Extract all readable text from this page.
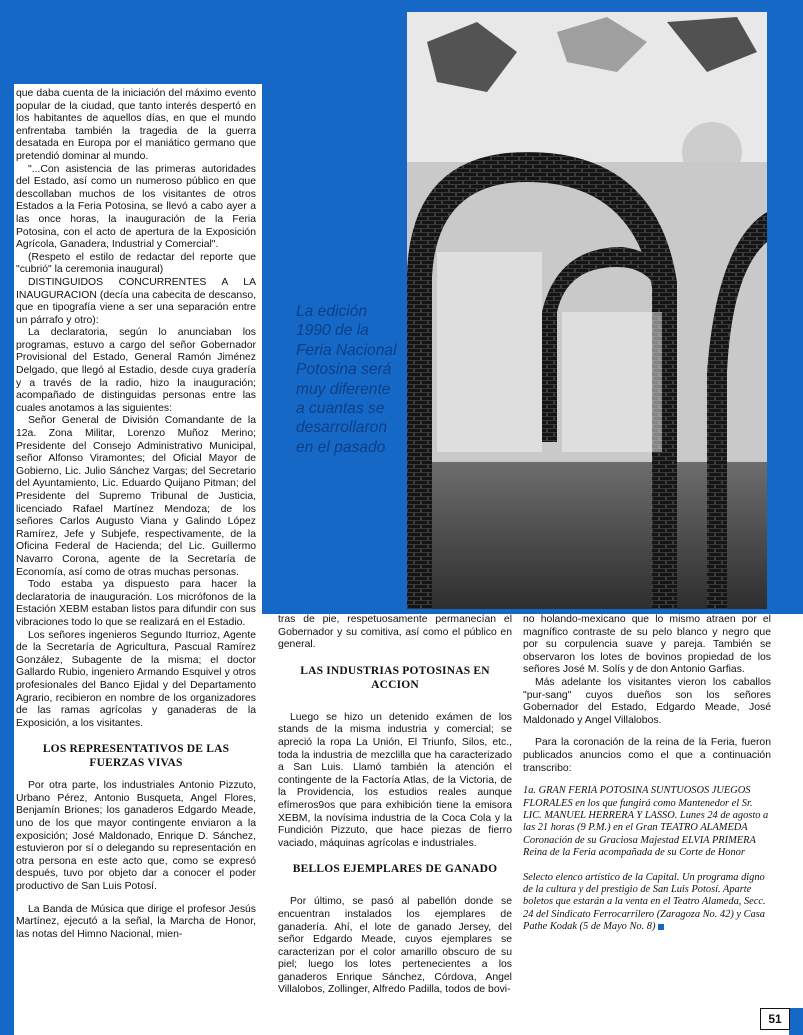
La edición 1990 de la Feria Nacional Potosina será muy diferente a cuantas se desarrollaron en el pasado

que daba cuenta de la iniciación del máximo evento popular de la ciudad, que tanto interés despertó en los habitantes de aquellos días, en que el mundo enfrentaba también la tragedia de la guerra desatada en Europa por el maniático germano que pretendió dominar al mundo.

"...Con asistencia de las primeras autoridades del Estado, así como un numeroso público en que descollaban muchos de los visitantes de otros Estados a la Feria Potosina, se llevó a cabo ayer a las once horas, la inauguración de la Feria Potosina, con el acto de apertura de la Exposición Agrícola, Ganadera, Industrial y Comercial".

(Respeto el estilo de redactar del reporte que "cubrió" la ceremonia inaugural)

DISTINGUIDOS CONCURRENTES A LA INAUGURACION (decía una cabecita de descanso, que en tipografía viene a ser una separación entre un párrafo y otro):

La declaratoria, según lo anunciaban los programas, estuvo a cargo del señor Gobernador Provisional del Estado, General Ramón Jiménez Delgado, que llegó al Estadio, desde cuya gradería y a través de la radio, hizo la inauguración; acompañado de distinguidas personas entre las cuales anotamos a las siguientes:

Señor General de División Comandante de la 12a. Zona Militar, Lorenzo Muñoz Merino; Presidente del Consejo Administrativo Municipal, señor Alfonso Viramontes; del Oficial Mayor de Gobierno, Lic. Julio Sánchez Vargas; del Secretario del Ayuntamiento, Lic. Eduardo Quijano Pitman; del Presidente del Supremo Tribunal de Justicia, licenciado Rafael Martínez Mendoza; de los señores Carlos Augusto Viana y Galindo López Ramírez, Jefe y Subjefe, respectivamente, de la Oficina Federal de Hacienda; del Lic. Guillermo Navarro Corona, agente de la Secretaría de Economía, así como de otras muchas personas.

Todo estaba ya dispuesto para hacer la declaratoria de inauguración. Los micrófonos de la Estación XEBM estaban listos para difundir con sus vibraciones todo lo que se realizará en el Estadio.

Los señores ingenieros Segundo Iturrioz, Agente de la Secretaría de Agricultura, Pascual Ramírez González, Subagente de la misma; el doctor Gallardo Rubio, ingeniero Armando Esquivel y otros profesionales del Banco Ejidal y del Departamento Agrario, recibieron en nombre de los organizadores de las ramas agrícolas y ganaderas de la Exposición, a los visitantes.

LOS REPRESENTATIVOS DE LAS FUERZAS VIVAS

Por otra parte, los industriales Antonio Pizzuto, Urbano Pérez, Antonio Busqueta, Angel Flores, Benjamín Briones; los ganaderos Edgardo Meade, uno de los que mayor contingente enviaron a la exposición; José Maldonado, Enrique D. Sánchez, estuvieron por sí o delegando su representación en otra persona en este acto que, como se expresó después, tuvo por objeto dar a conocer el poder productivo de San Luis Potosí.

La Banda de Música que dirige el profesor Jesús Martínez, ejecutó a la señal, la Marcha de Honor, las notas del Himno Nacional, mien-

tras de pie, respetuosamente permanecían el Gobernador y su comitiva, así como el público en general.

LAS INDUSTRIAS POTOSINAS EN ACCION

Luego se hizo un detenido exámen de los stands de la misma industria y comercial; se apreció la ropa La Unión, El Triunfo, Silos, etc., toda la industria de mezclilla que ha caracterizado a San Luis. Llamó también la atención el contingente de la Factoría Atlas, de la Victoria, de la Providencia, los estudios reales aunque efímeros9os que para exhibición tiene la emisora XEBM, la novísima industria de la Coca Cola y la Fundición Pizzuto, que hace piezas de fierro vaciado, máquinas agrícolas e industriales.

BELLOS EJEMPLARES DE GANADO

Por último, se pasó al pabellón donde se encuentran instalados los ejemplares de ganadería. Ahí, el lote de ganado Jersey, del señor Edgardo Meade, cuyos ejemplares se caracterizan por el color amarillo obscuro de su piel; luego los lotes pertenecientes a los ganaderos Enrique Sánchez, Córdova, Angel Villalobos, Zollinger, Alfredo Padilla, todos de bovi-

no holando-mexicano que lo mismo atraen por el magnífico contraste de su pelo blanco y negro que por su corpulencia suave y pareja. También se observaron los lotes de bovinos propiedad de los señores José M. Solís y de don Antonio Garfias.

Más adelante los visitantes vieron los caballos "pur-sang" cuyos dueños son los señores Gobernador del Estado, Edgardo Meade, José Maldonado y Angel Villalobos.

Para la coronación de la reina de la Feria, fueron publicados anuncios como el que a continuación transcribo:

1a. GRAN FERIA POTOSINA SUNTUOSOS JUEGOS FLORALES en los que fungirá como Mantenedor el Sr. LIC. MANUEL HERRERA Y LASSO. Lunes 24 de agosto a las 21 horas (9 P.M.) en el Gran TEATRO ALAMEDA Coronación de su Graciosa Majestad ELVIA PRIMERA Reina de la Feria acompañada de su Corte de Honor

Selecto elenco artístico de la Capital. Un programa digno de la cultura y del prestigio de San Luis Potosí. Aparte boletos que estarán a la venta en el Teatro Alameda, Secc. 24 del Sindicato Ferrocarrilero (Zaragoza No. 42) y Casa Pathe Kodak (5 de Mayo No. 8)

51
